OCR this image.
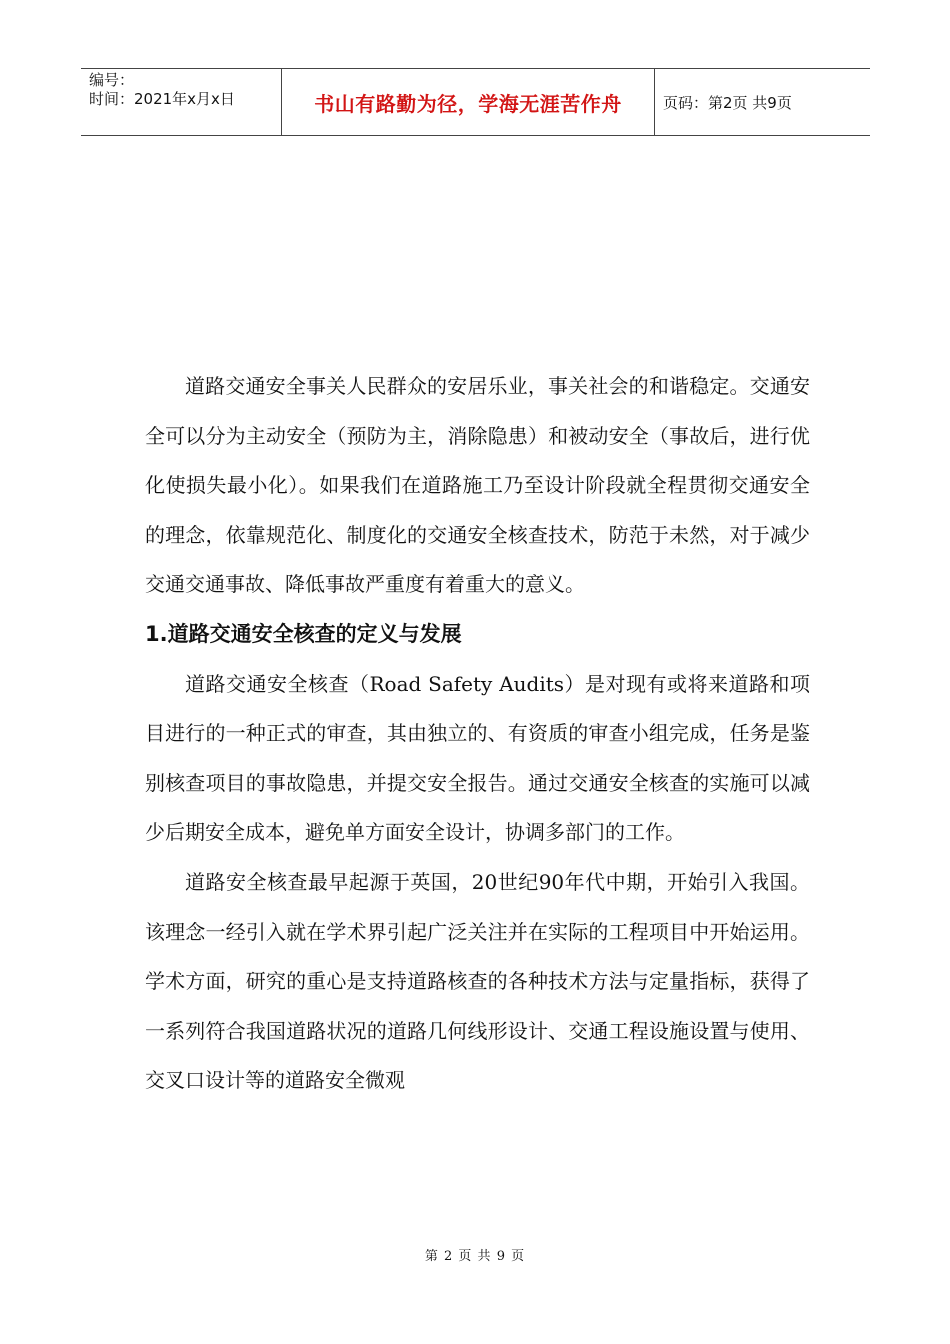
编号：
时间：2021年x月x日	书山有路勤为径，学海无涯苦作舟	页码：第2页 共9页

道路交通安全事关人民群众的安居乐业，事关社会的和谐稳定。交通安全可以分为主动安全（预防为主，消除隐患）和被动安全（事故后，进行优化使损失最小化）。如果我们在道路施工乃至设计阶段就全程贯彻交通安全的理念，依靠规范化、制度化的交通安全核查技术，防范于未然，对于减少交通交通事故、降低事故严重度有着重大的意义。

1.道路交通安全核查的定义与发展

道路交通安全核查（Road Safety Audits）是对现有或将来道路和项目进行的一种正式的审查，其由独立的、有资质的审查小组完成，任务是鉴别核查项目的事故隐患，并提交安全报告。通过交通安全核查的实施可以减少后期安全成本，避免单方面安全设计，协调多部门的工作。

道路安全核查最早起源于英国，20世纪90年代中期，开始引入我国。该理念一经引入就在学术界引起广泛关注并在实际的工程项目中开始运用。学术方面，研究的重心是支持道路核查的各种技术方法与定量指标，获得了一系列符合我国道路状况的道路几何线形设计、交通工程设施设置与使用、交叉口设计等的道路安全微观

第 2 页 共 9 页
